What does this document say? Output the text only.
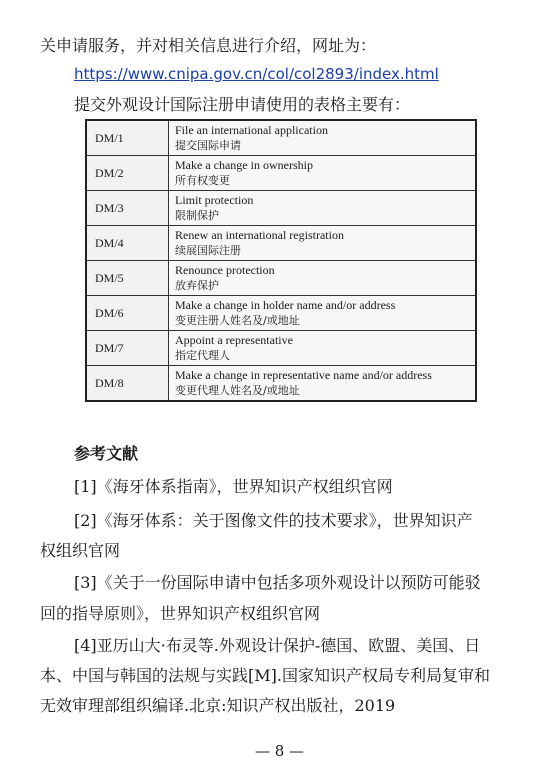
关申请服务，并对相关信息进行介绍，网址为：
https://www.cnipa.gov.cn/col/col2893/index.html
提交外观设计国际注册申请使用的表格主要有：
DM/1	File an international application
提交国际申请

DM/2	Make a change in ownership
所有权变更

DM/3	Limit protection
限制保护

DM/4	Renew an international registration
续展国际注册

DM/5	Renounce protection
放弃保护

DM/6	Make a change in holder name and/or address
变更注册人姓名及/或地址

DM/7	Appoint a representative
指定代理人

DM/8	Make a change in representative name and/or address
变更代理人姓名及/或地址
参考文献
[1]《海牙体系指南》，世界知识产权组织官网
[2]《海牙体系：关于图像文件的技术要求》，世界知识产
权组织官网
[3]《关于一份国际申请中包括多项外观设计以预防可能驳
回的指导原则》，世界知识产权组织官网
[4]亚历山大·布灵等.外观设计保护-德国、欧盟、美国、日
本、中国与韩国的法规与实践[M].国家知识产权局专利局复审和
无效审理部组织编译.北京:知识产权出版社，2019
— 8 —
